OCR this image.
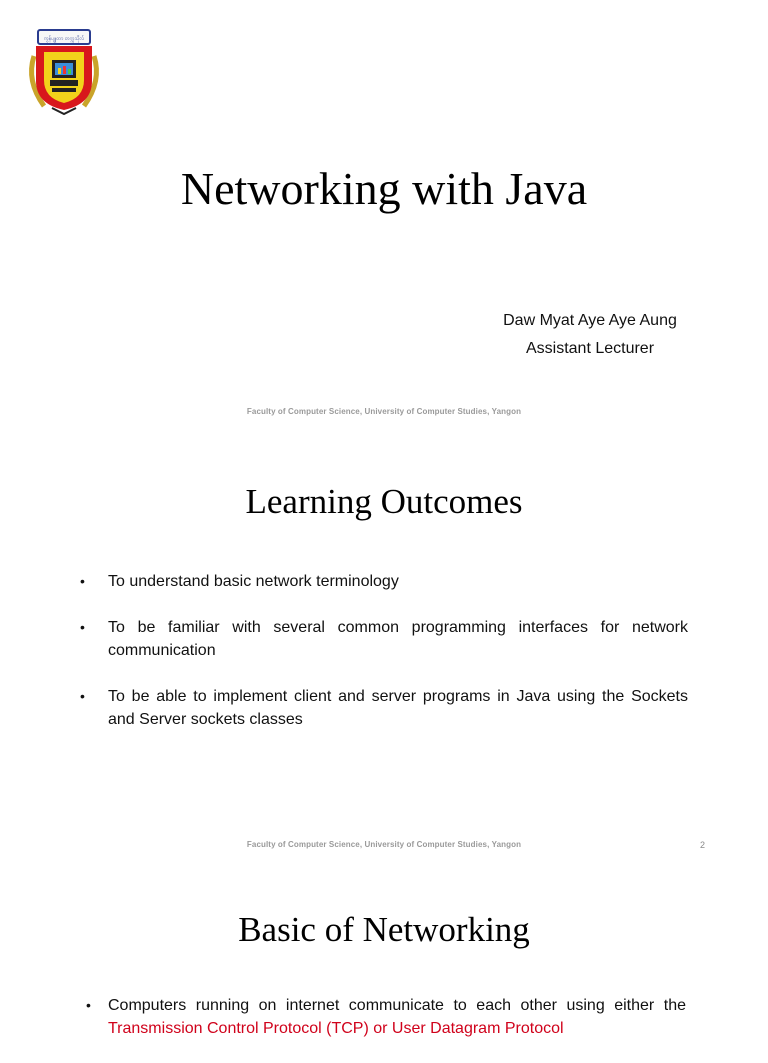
ကွန်ပျူတာ တက္ကသိုလ်
Networking with Java
Daw Myat Aye Aye Aung
Assistant Lecturer
Faculty of Computer Science, University of Computer Studies, Yangon
Learning Outcomes
• To understand basic network terminology
• To be familiar with several common programming interfaces for network communication
• To be able to implement client and server programs in Java using the Sockets and Server sockets classes
Faculty of Computer Science, University of Computer Studies, Yangon	2
Basic of Networking
• Computers running on internet communicate to each other using either the Transmission Control Protocol (TCP) or User Datagram Protocol
